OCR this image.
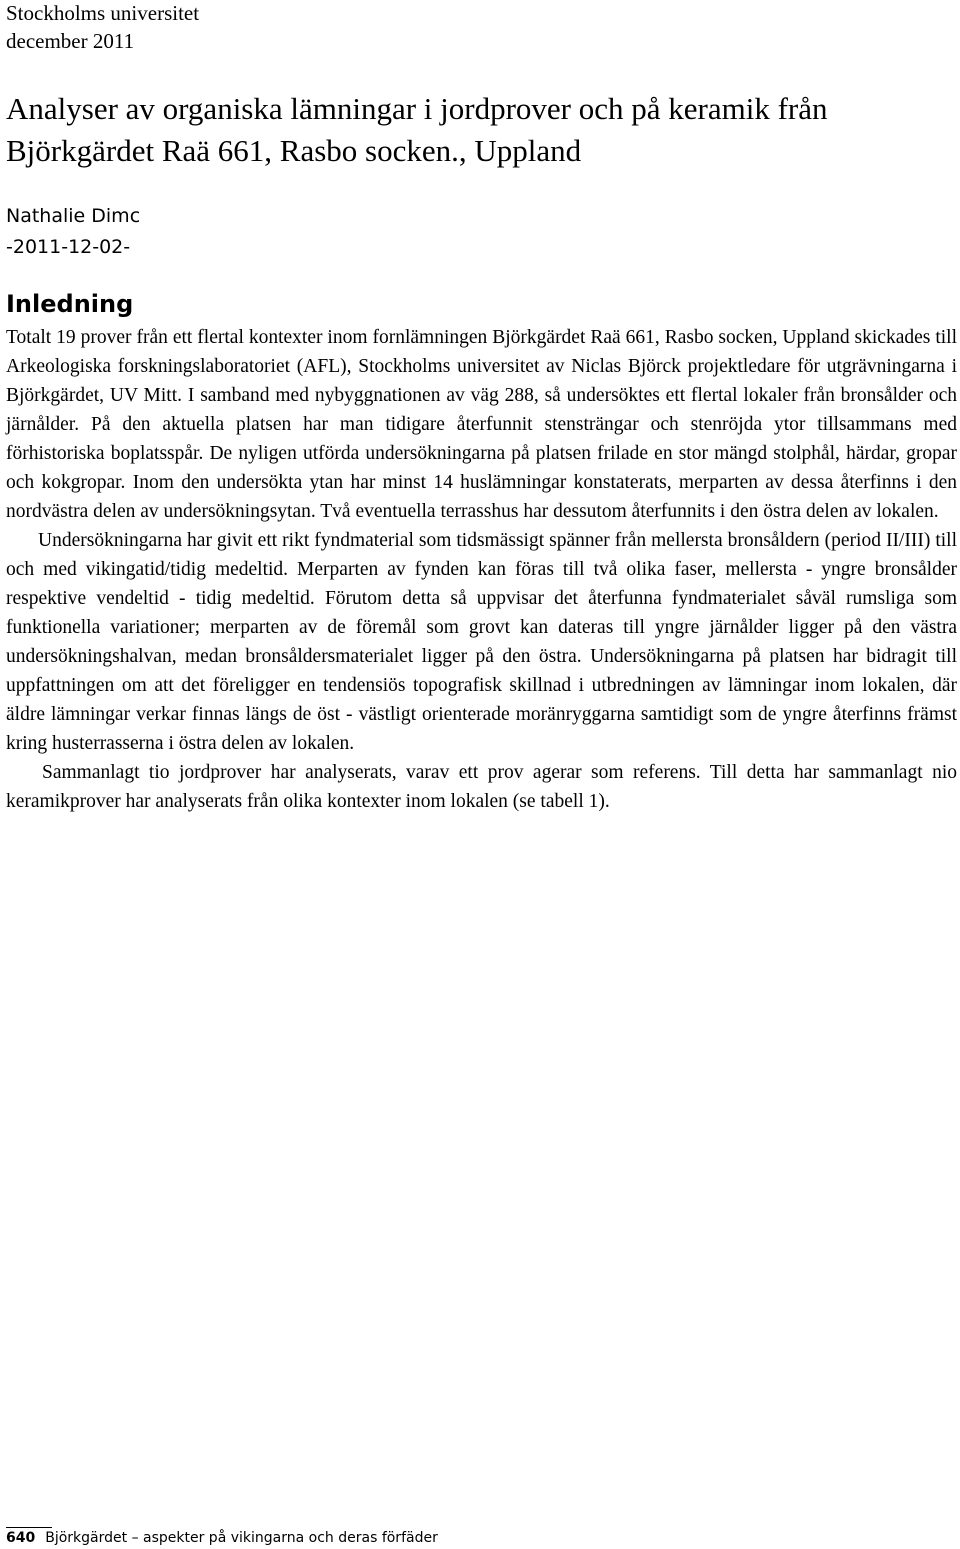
Stockholms universitet
december 2011
Analyser av organiska lämningar i jordprover och på keramik från Björkgärdet Raä 661, Rasbo socken., Uppland
Nathalie Dimc
-2011-12-02-
Inledning

Totalt 19 prover från ett flertal kontexter inom fornlämningen Björkgärdet Raä 661, Rasbo socken, Uppland skickades till Arkeologiska forskningslaboratoriet (AFL), Stockholms universitet av Niclas Björck projektledare för utgrävningarna i Björkgärdet, UV Mitt. I samband med nybyggnationen av väg 288, så undersöktes ett flertal lokaler från bronsålder och järnålder. På den aktuella platsen har man tidigare återfunnit stensträngar och stenröjda ytor tillsammans med förhistoriska boplatsspår. De nyligen utförda undersökningarna på platsen frilade en stor mängd stolphål, härdar, gropar och kokgropar. Inom den undersökta ytan har minst 14 huslämningar konstaterats, merparten av dessa återfinns i den nordvästra delen av undersökningsytan. Två eventuella terrasshus har dessutom återfunnits i den östra delen av lokalen.

Undersökningarna har givit ett rikt fyndmaterial som tidsmässigt spänner från mellersta bronsåldern (period II/III) till och med vikingatid/tidig medeltid. Merparten av fynden kan föras till två olika faser, mellersta - yngre bronsålder respektive vendeltid - tidig medeltid. Förutom detta så uppvisar det återfunna fyndmaterialet såväl rumsliga som funktionella variationer; merparten av de föremål som grovt kan dateras till yngre järnålder ligger på den västra undersökningshalvan, medan bronsåldersmaterialet ligger på den östra. Undersökningarna på platsen har bidragit till uppfattningen om att det föreligger en tendensiös topografisk skillnad i utbredningen av lämningar inom lokalen, där äldre lämningar verkar finnas längs de öst - västligt orienterade moränryggarna samtidigt som de yngre återfinns främst kring husterrasserna i östra delen av lokalen.

Sammanlagt tio jordprover har analyserats, varav ett prov agerar som referens. Till detta har sammanlagt nio keramikprover har analyserats från olika kontexter inom lokalen (se tabell 1).

640 Björkgärdet – aspekter på vikingarna och deras förfäder
